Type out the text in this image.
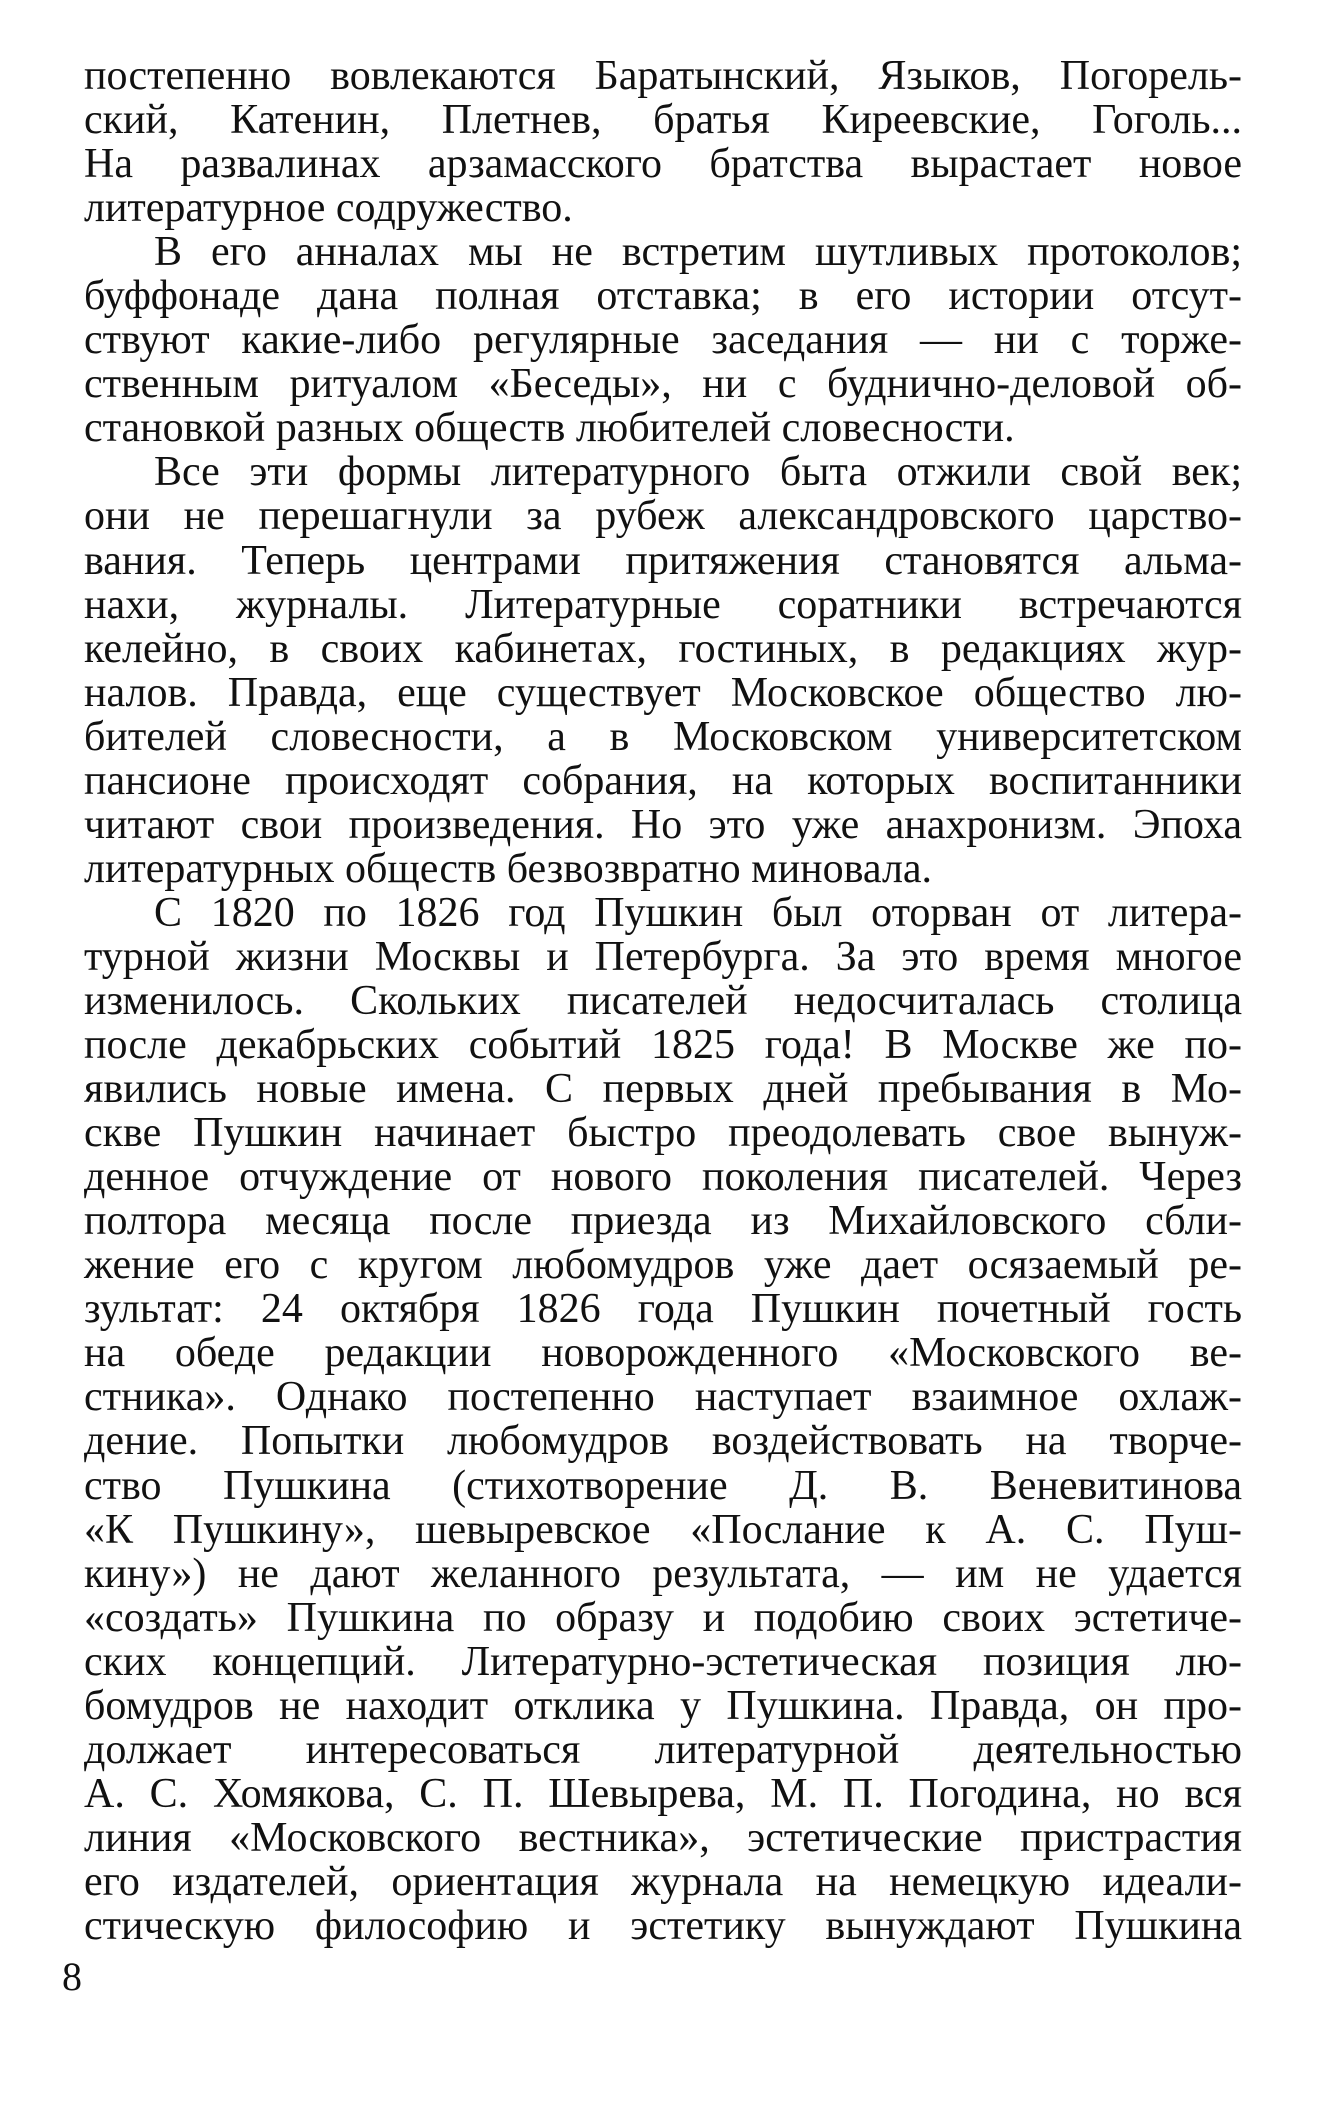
постепенно вовлекаются Баратынский, Языков, Погорель-
ский, Катенин, Плетнев, братья Киреевские, Гоголь...
На развалинах арзамасского братства вырастает новое
литературное содружество.
В его анналах мы не встретим шутливых протоколов;
буффонаде дана полная отставка; в его истории отсут-
ствуют какие-либо регулярные заседания — ни с торже-
ственным ритуалом «Беседы», ни с буднично-деловой об-
становкой разных обществ любителей словесности.
Все эти формы литературного быта отжили свой век;
они не перешагнули за рубеж александровского царство-
вания. Теперь центрами притяжения становятся альма-
нахи, журналы. Литературные соратники встречаются
келейно, в своих кабинетах, гостиных, в редакциях жур-
налов. Правда, еще существует Московское общество лю-
бителей словесности, а в Московском университетском
пансионе происходят собрания, на которых воспитанники
читают свои произведения. Но это уже анахронизм. Эпоха
литературных обществ безвозвратно миновала.
С 1820 по 1826 год Пушкин был оторван от литера-
турной жизни Москвы и Петербурга. За это время многое
изменилось. Скольких писателей недосчиталась столица
после декабрьских событий 1825 года! В Москве же по-
явились новые имена. С первых дней пребывания в Мо-
скве Пушкин начинает быстро преодолевать свое вынуж-
денное отчуждение от нового поколения писателей. Через
полтора месяца после приезда из Михайловского сбли-
жение его с кругом любомудров уже дает осязаемый ре-
зультат: 24 октября 1826 года Пушкин почетный гость
на обеде редакции новорожденного «Московского ве-
стника». Однако постепенно наступает взаимное охлаж-
дение. Попытки любомудров воздействовать на творче-
ство Пушкина (стихотворение Д. В. Веневитинова
«К Пушкину», шевыревское «Послание к А. С. Пуш-
кину») не дают желанного результата, — им не удается
«создать» Пушкина по образу и подобию своих эстетиче-
ских концепций. Литературно-эстетическая позиция лю-
бомудров не находит отклика у Пушкина. Правда, он про-
должает интересоваться литературной деятельностью
А. С. Хомякова, С. П. Шевырева, М. П. Погодина, но вся
линия «Московского вестника», эстетические пристрастия
его издателей, ориентация журнала на немецкую идеали-
стическую философию и эстетику вынуждают Пушкина
8
